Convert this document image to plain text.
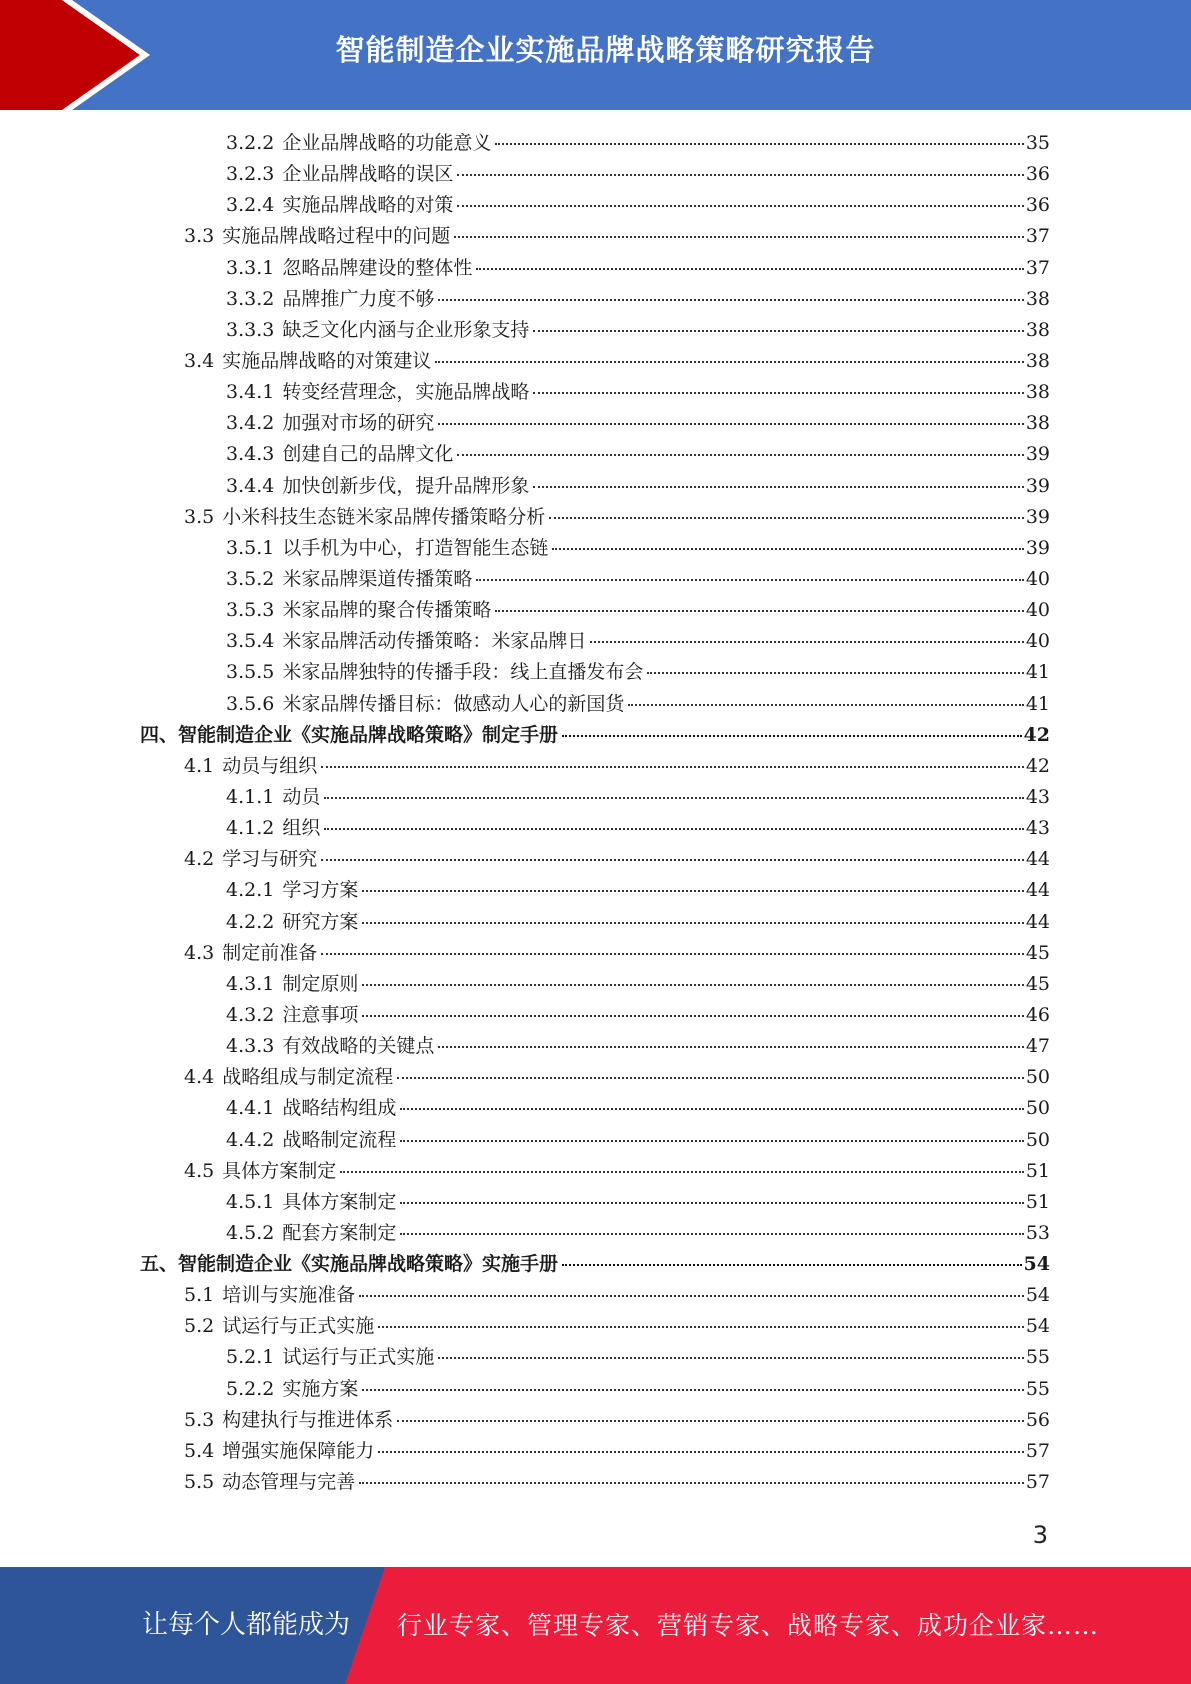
智能制造企业实施品牌战略策略研究报告
3.2.2 企业品牌战略的功能意义	35
3.2.3 企业品牌战略的误区	36
3.2.4 实施品牌战略的对策	36
3.3 实施品牌战略过程中的问题	37
3.3.1 忽略品牌建设的整体性	37
3.3.2 品牌推广力度不够	38
3.3.3 缺乏文化内涵与企业形象支持	38
3.4 实施品牌战略的对策建议	38
3.4.1 转变经营理念，实施品牌战略	38
3.4.2 加强对市场的研究	38
3.4.3 创建自己的品牌文化	39
3.4.4 加快创新步伐，提升品牌形象	39
3.5 小米科技生态链米家品牌传播策略分析	39
3.5.1 以手机为中心，打造智能生态链	39
3.5.2 米家品牌渠道传播策略	40
3.5.3 米家品牌的聚合传播策略	40
3.5.4 米家品牌活动传播策略：米家品牌日	40
3.5.5 米家品牌独特的传播手段：线上直播发布会	41
3.5.6 米家品牌传播目标：做感动人心的新国货	41
四、 智能制造企业《实施品牌战略策略》制定手册	42
4.1 动员与组织	42
4.1.1 动员	43
4.1.2 组织	43
4.2 学习与研究	44
4.2.1 学习方案	44
4.2.2 研究方案	44
4.3 制定前准备	45
4.3.1 制定原则	45
4.3.2 注意事项	46
4.3.3 有效战略的关键点	47
4.4 战略组成与制定流程	50
4.4.1 战略结构组成	50
4.4.2 战略制定流程	50
4.5 具体方案制定	51
4.5.1 具体方案制定	51
4.5.2 配套方案制定	53
五、 智能制造企业《实施品牌战略策略》实施手册	54
5.1 培训与实施准备	54
5.2 试运行与正式实施	54
5.2.1 试运行与正式实施	55
5.2.2 实施方案	55
5.3 构建执行与推进体系	56
5.4 增强实施保障能力	57
5.5 动态管理与完善	57
3
让每个人都能成为 行业专家、管理专家、营销专家、战略专家、成功企业家……
